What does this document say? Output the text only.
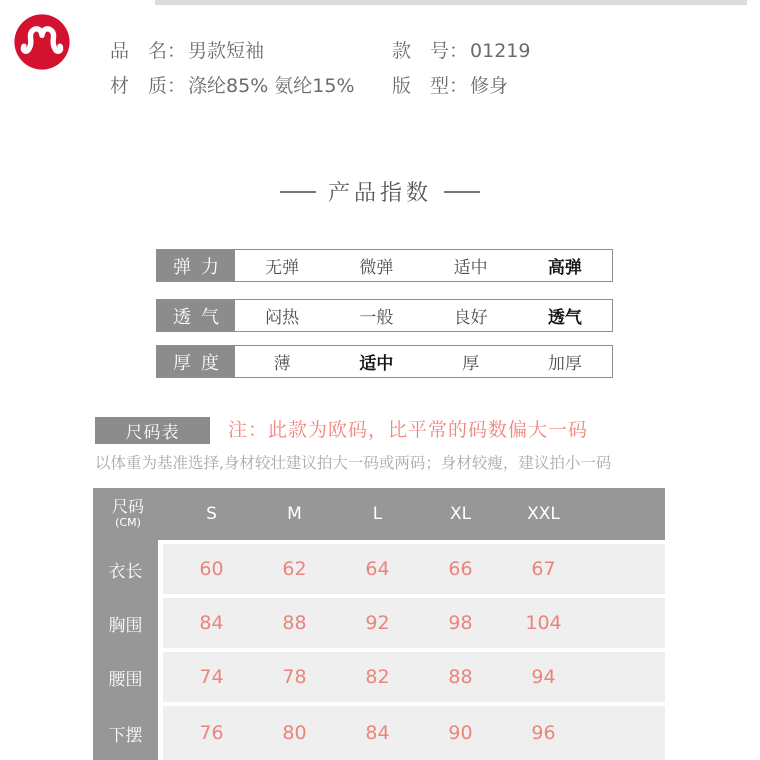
品　名： 男款短袖	款　号： 01219
材　质： 涤纶85% 氨纶15% 版　型： 修身
产品指数
弹力	无弹	微弹	适中	高弹
透气	闷热	一般	良好	透气
厚度	薄	适中	厚	加厚
尺码表	注：此款为欧码，比平常的码数偏大一码
以体重为基准选择,身材较壮建议拍大一码或两码；身材较瘦，建议拍小一码
尺码
(CM)	S	M	L	XL	XXL
衣长	60	62	64	66	67
胸围	84	88	92	98	104
腰围	74	78	82	88	94
下摆	76	80	84	90	96
